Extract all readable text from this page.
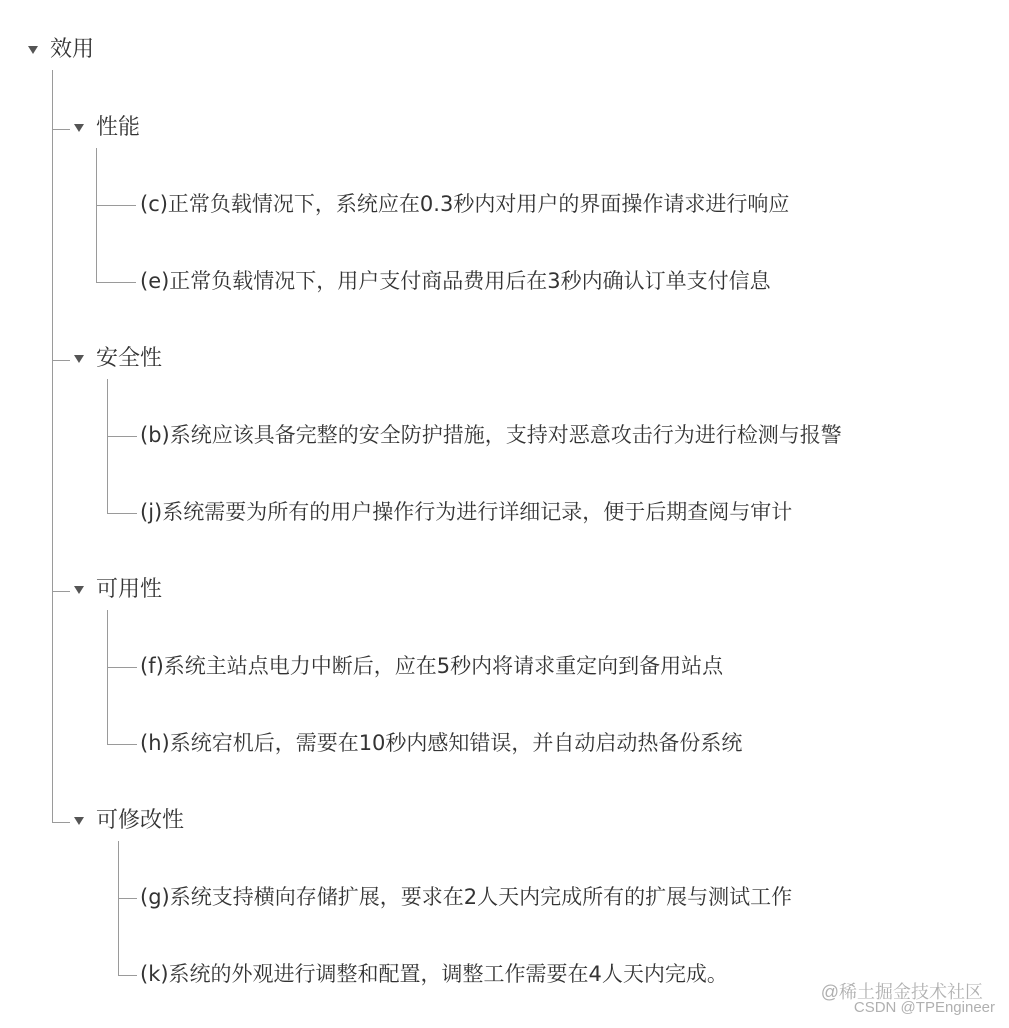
效用
性能
(c)正常负载情况下，系统应在0.3秒内对用户的界面操作请求进行响应
(e)正常负载情况下，用户支付商品费用后在3秒内确认订单支付信息
安全性
(b)系统应该具备完整的安全防护措施，支持对恶意攻击行为进行检测与报警
(j)系统需要为所有的用户操作行为进行详细记录，便于后期查阅与审计
可用性
(f)系统主站点电力中断后，应在5秒内将请求重定向到备用站点
(h)系统宕机后，需要在10秒内感知错误，并自动启动热备份系统
可修改性
(g)系统支持横向存储扩展，要求在2人天内完成所有的扩展与测试工作
(k)系统的外观进行调整和配置，调整工作需要在4人天内完成。
@稀土掘金技术社区
CSDN @TPEngineer
